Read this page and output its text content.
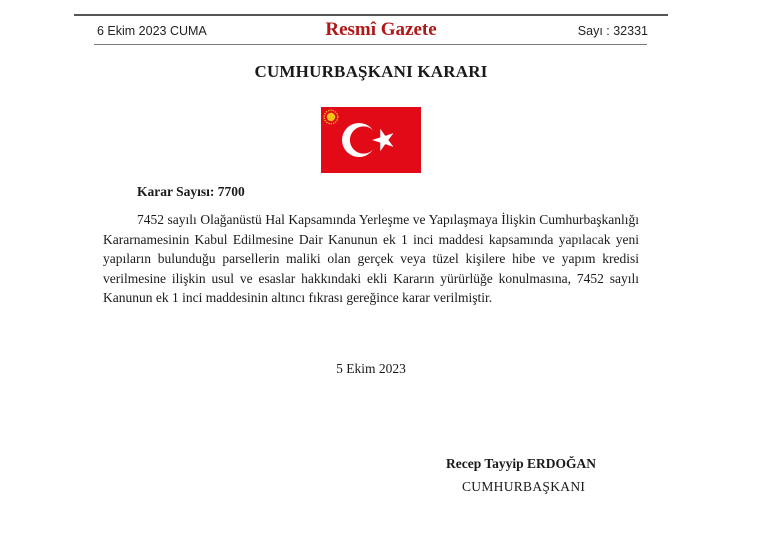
6 Ekim 2023 CUMA	Resmî Gazete	Sayı : 32331
CUMHURBAŞKANI KARARI
Karar Sayısı: 7700
7452 sayılı Olağanüstü Hal Kapsamında Yerleşme ve Yapılaşmaya İlişkin Cumhurbaşkanlığı Kararnamesinin Kabul Edilmesine Dair Kanunun ek 1 inci maddesi kapsamında yapılacak yeni yapıların bulunduğu parsellerin maliki olan gerçek veya tüzel kişilere hibe ve yapım kredisi verilmesine ilişkin usul ve esaslar hakkındaki ekli Kararın yürürlüğe konulmasına, 7452 sayılı Kanunun ek 1 inci maddesinin altıncı fıkrası gereğince karar verilmiştir.
5 Ekim 2023
Recep Tayyip ERDOĞAN
CUMHURBAŞKANI
